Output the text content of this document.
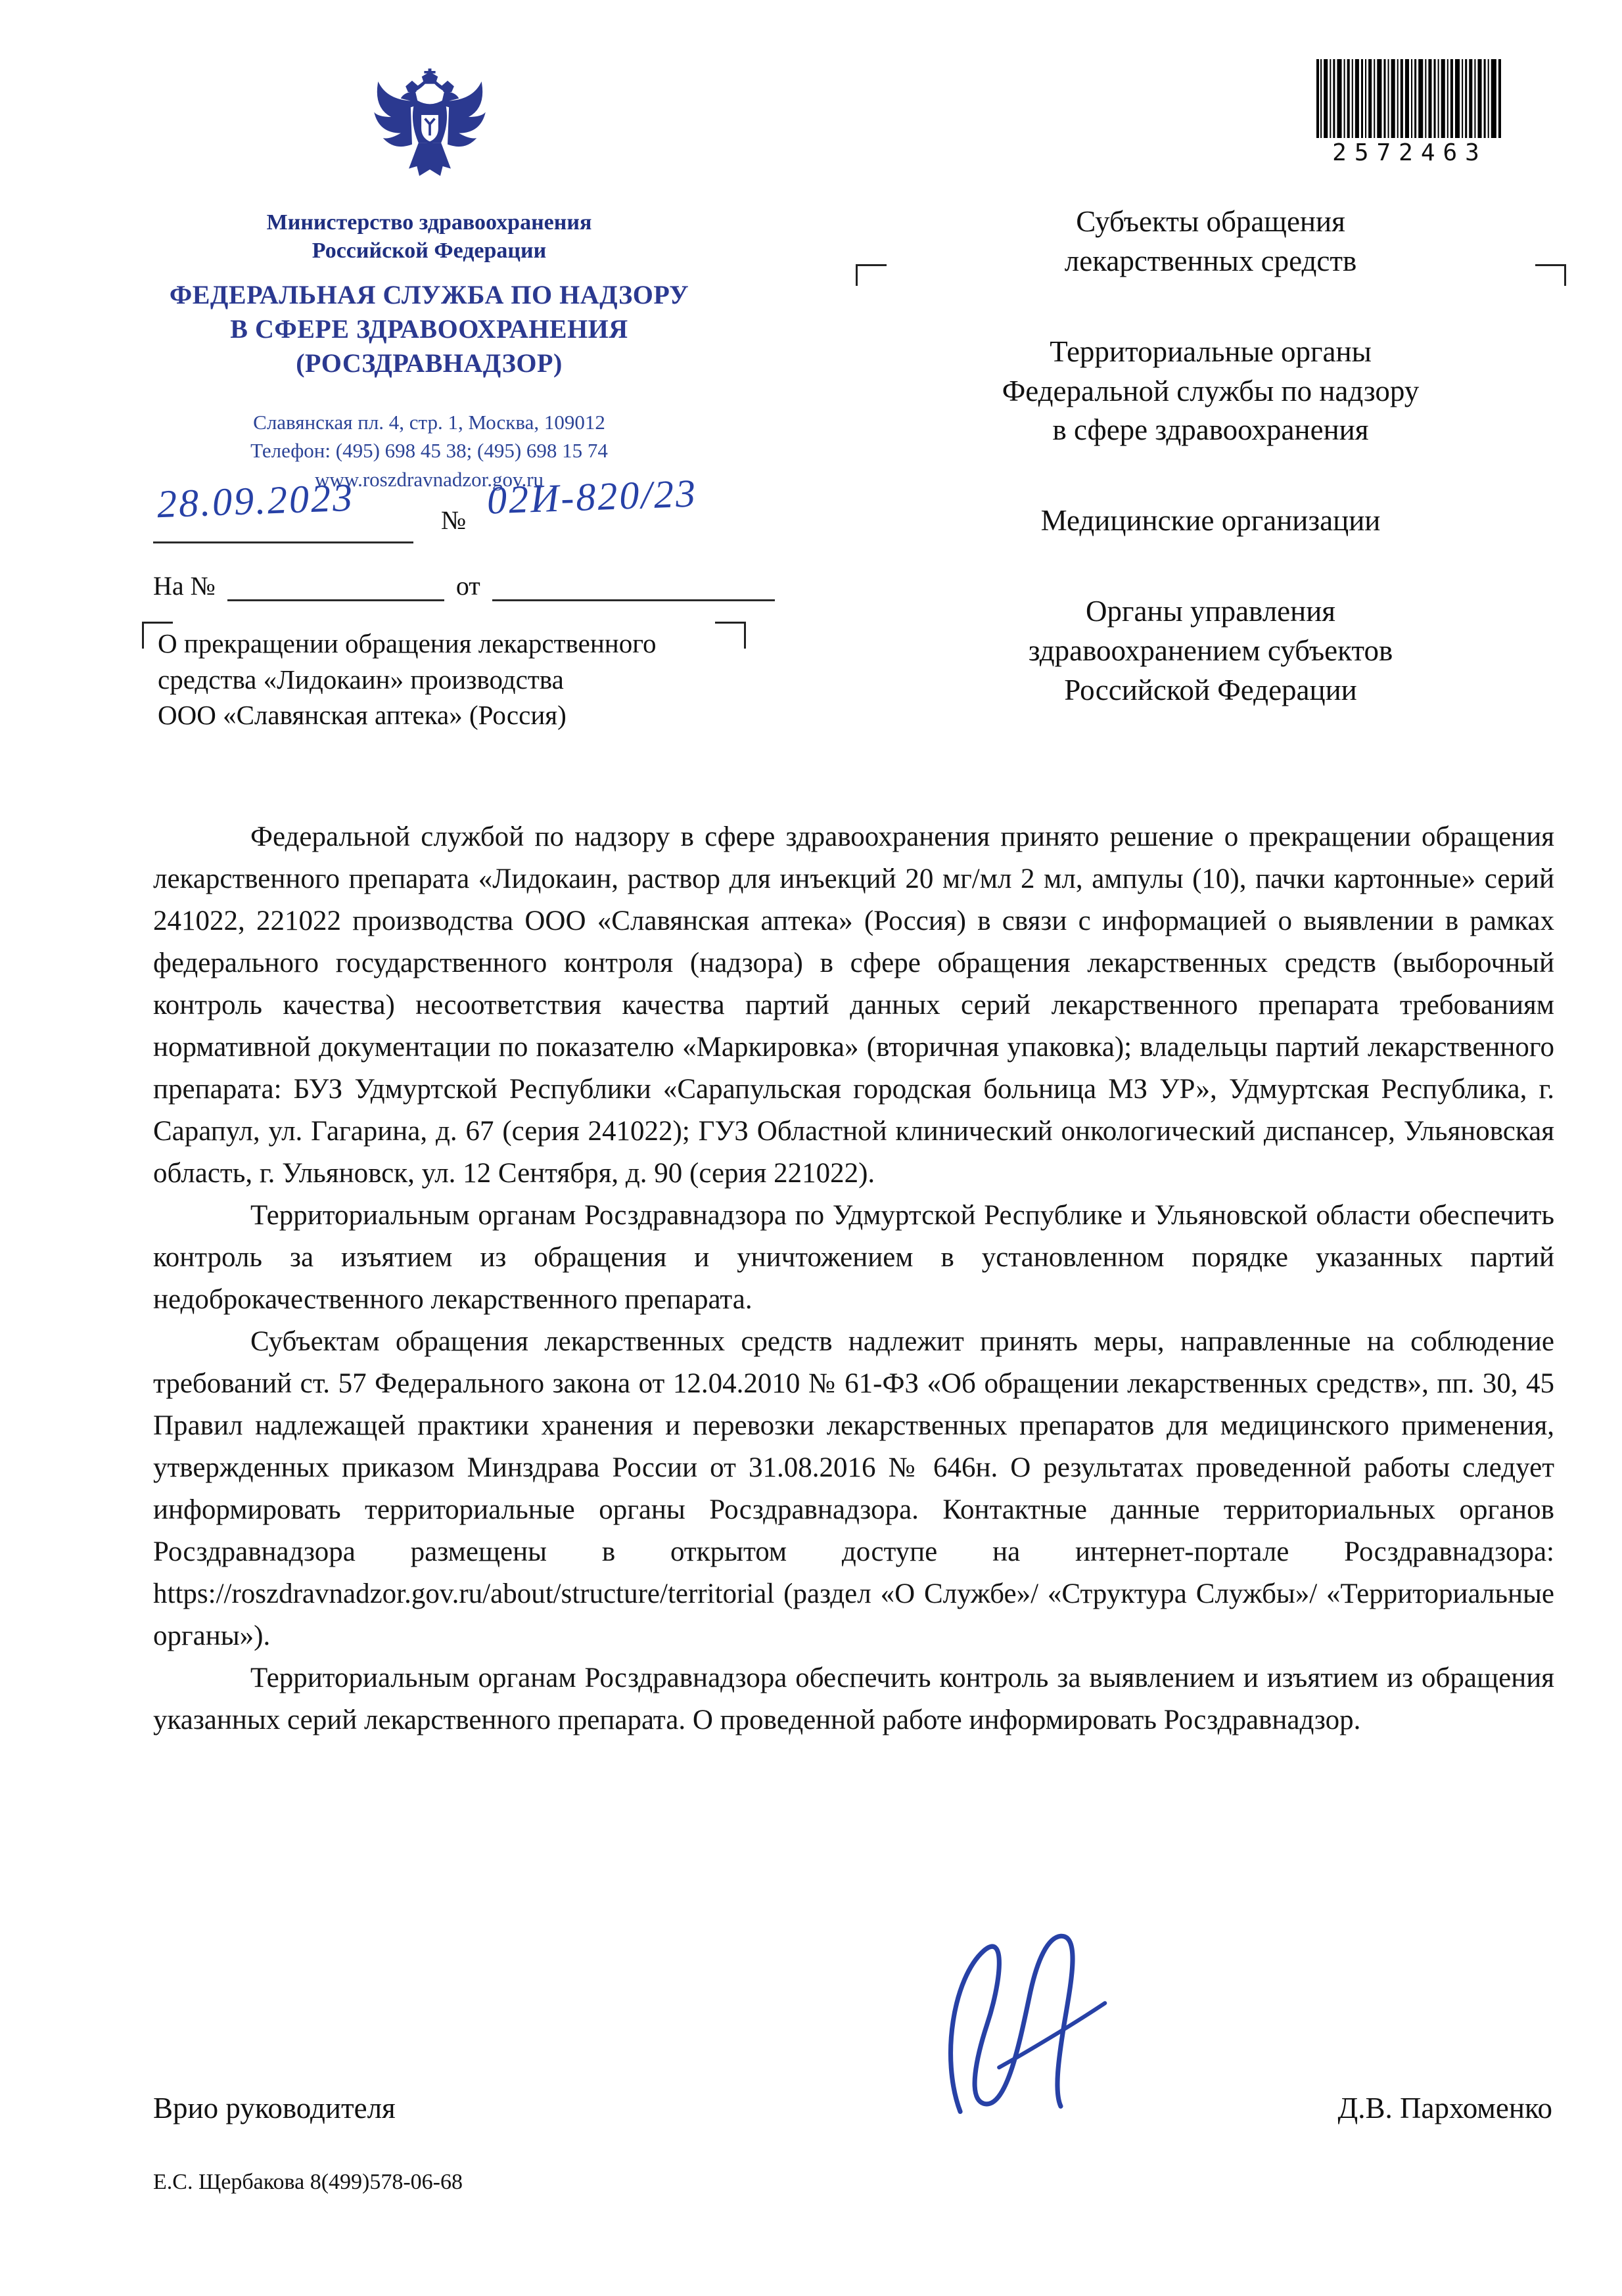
2572463
Министерство здравоохранения
Российской Федерации
ФЕДЕРАЛЬНАЯ СЛУЖБА ПО НАДЗОРУ
В СФЕРЕ ЗДРАВООХРАНЕНИЯ
(РОСЗДРАВНАДЗОР)
Славянская пл. 4, стр. 1, Москва, 109012
Телефон: (495) 698 45 38; (495) 698 15 74
www.roszdravnadzor.gov.ru
28.09.2023	№ 02И-820/23
На №	от
О прекращении обращения лекарственного
средства «Лидокаин» производства
ООО «Славянская аптека» (Россия)
Субъекты обращения
лекарственных средств
Территориальные органы
Федеральной службы по надзору
в сфере здравоохранения
Медицинские организации
Органы управления
здравоохранением субъектов
Российской Федерации

Федеральной службой по надзору в сфере здравоохранения принято решение о прекращении обращения лекарственного препарата «Лидокаин, раствор для инъекций 20 мг/мл 2 мл, ампулы (10), пачки картонные» серий 241022, 221022 производства ООО «Славянская аптека» (Россия) в связи с информацией о выявлении в рамках федерального государственного контроля (надзора) в сфере обращения лекарственных средств (выборочный контроль качества) несоответствия качества партий данных серий лекарственного препарата требованиям нормативной документации по показателю «Маркировка» (вторичная упаковка); владельцы партий лекарственного препарата: БУЗ Удмуртской Республики «Сарапульская городская больница МЗ УР», Удмуртская Республика, г. Сарапул, ул. Гагарина, д. 67 (серия 241022); ГУЗ Областной клинический онкологический диспансер, Ульяновская область, г. Ульяновск, ул. 12 Сентября, д. 90 (серия 221022).

Территориальным органам Росздравнадзора по Удмуртской Республике и Ульяновской области обеспечить контроль за изъятием из обращения и уничтожением в установленном порядке указанных партий недоброкачественного лекарственного препарата.

Субъектам обращения лекарственных средств надлежит принять меры, направленные на соблюдение требований ст. 57 Федерального закона от 12.04.2010 № 61-ФЗ «Об обращении лекарственных средств», пп. 30, 45 Правил надлежащей практики хранения и перевозки лекарственных препаратов для медицинского применения, утвержденных приказом Минздрава России от 31.08.2016 № 646н. О результатах проведенной работы следует информировать территориальные органы Росздравнадзора. Контактные данные территориальных органов Росздравнадзора размещены в открытом доступе на интернет-портале Росздравнадзора: https://roszdravnadzor.gov.ru/about/structure/territorial (раздел «О Службе»/ «Структура Службы»/ «Территориальные органы»).

Территориальным органам Росздравнадзора обеспечить контроль за выявлением и изъятием из обращения указанных серий лекарственного препарата. О проведенной работе информировать Росздравнадзор.

Врио руководителя	Д.В. Пархоменко
Е.С. Щербакова 8(499)578-06-68
